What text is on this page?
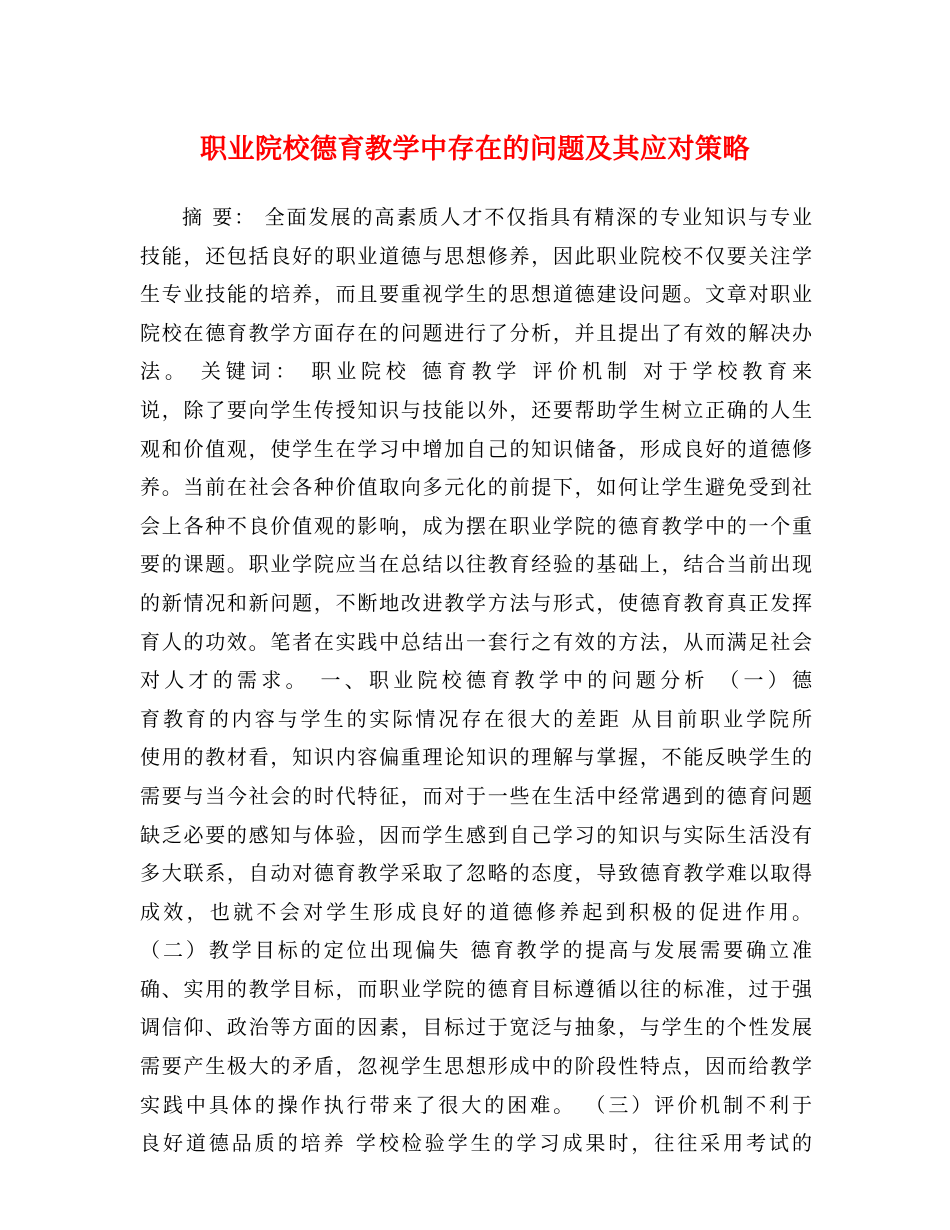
职业院校德育教学中存在的问题及其应对策略
摘 要： 全面发展的高素质人才不仅指具有精深的专业知识与专业
技能，还包括良好的职业道德与思想修养，因此职业院校不仅要关注学
生专业技能的培养，而且要重视学生的思想道德建设问题。文章对职业
院校在德育教学方面存在的问题进行了分析，并且提出了有效的解决办
法。 关键词： 职业院校 德育教学 评价机制 对于学校教育来
说，除了要向学生传授知识与技能以外，还要帮助学生树立正确的人生
观和价值观，使学生在学习中增加自己的知识储备，形成良好的道德修
养。当前在社会各种价值取向多元化的前提下，如何让学生避免受到社
会上各种不良价值观的影响，成为摆在职业学院的德育教学中的一个重
要的课题。职业学院应当在总结以往教育经验的基础上，结合当前出现
的新情况和新问题，不断地改进教学方法与形式，使德育教育真正发挥
育人的功效。笔者在实践中总结出一套行之有效的方法，从而满足社会
对人才的需求。 一、职业院校德育教学中的问题分析 （一）德
育教育的内容与学生的实际情况存在很大的差距 从目前职业学院所
使用的教材看，知识内容偏重理论知识的理解与掌握，不能反映学生的
需要与当今社会的时代特征，而对于一些在生活中经常遇到的德育问题
缺乏必要的感知与体验，因而学生感到自己学习的知识与实际生活没有
多大联系，自动对德育教学采取了忽略的态度，导致德育教学难以取得
成效，也就不会对学生形成良好的道德修养起到积极的促进作用。
（二）教学目标的定位出现偏失 德育教学的提高与发展需要确立准
确、实用的教学目标，而职业学院的德育目标遵循以往的标准，过于强
调信仰、政治等方面的因素，目标过于宽泛与抽象，与学生的个性发展
需要产生极大的矛盾，忽视学生思想形成中的阶段性特点，因而给教学
实践中具体的操作执行带来了很大的困难。 （三）评价机制不利于
良好道德品质的培养 学校检验学生的学习成果时，往往采用考试的
